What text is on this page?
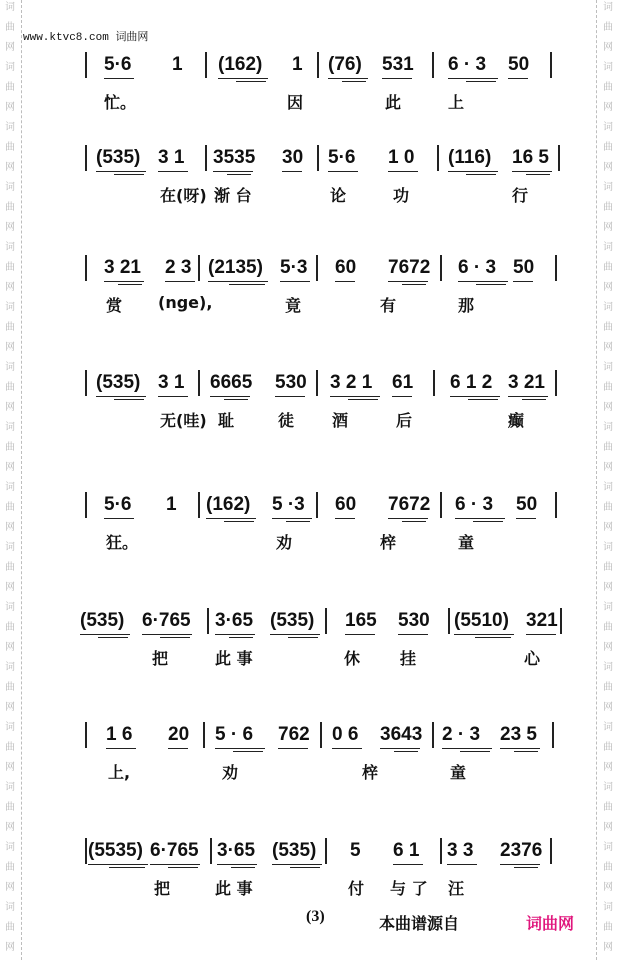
词
曲
网
词
曲
网
词
曲
网
词
曲
网
词
曲
网
词
曲
网
词
曲
网
词
曲
网
词
曲
网
词
曲
网
词
曲
网
词
曲
网
词
曲
网
词
曲
网
词
曲
网
词
曲
网
词
曲
网
词
曲
网
词
曲
网
词
曲
网
词
曲
网
词
曲
网
词
曲
网
词
曲
网
词
曲
网
词
曲
网
词
曲
网
词
曲
网
词
曲
网
词
曲
网
词
曲
网
词
曲
网
www.ktvc8.com 词曲网
5·6 1 (162) 1 (76) 531 6 · 3 50
忙。	因	此	上
(535) 3 1 3535 30 5·6 1 0 (116) 16 5
在(呀) 渐 台	论	功	行
3 21 2 3 (2135) 5·3 60 7672 6 · 3 50
赏 (nge),	竟	有	那
(535) 3 1 6665 530 3 2 1 61 6 1 2 3 21
无(哇) 耻	徒 酒	后	癫
5·6 1 (162) 5 ·3 60 7672 6 · 3 50
狂。	劝	梓	童
(535) 6·765 3·65 (535) 165 530 (5510) 321
把	此 事	休 挂	心
1 6 20 5 · 6 762 0 6 3643 2 · 3 23 5
上,	劝	梓	童
(5535) 6·765 3·65 (535) 5 6 1 3 3 2376
把	此 事	付 与 了 汪
(3)	本曲谱源自	词曲网
